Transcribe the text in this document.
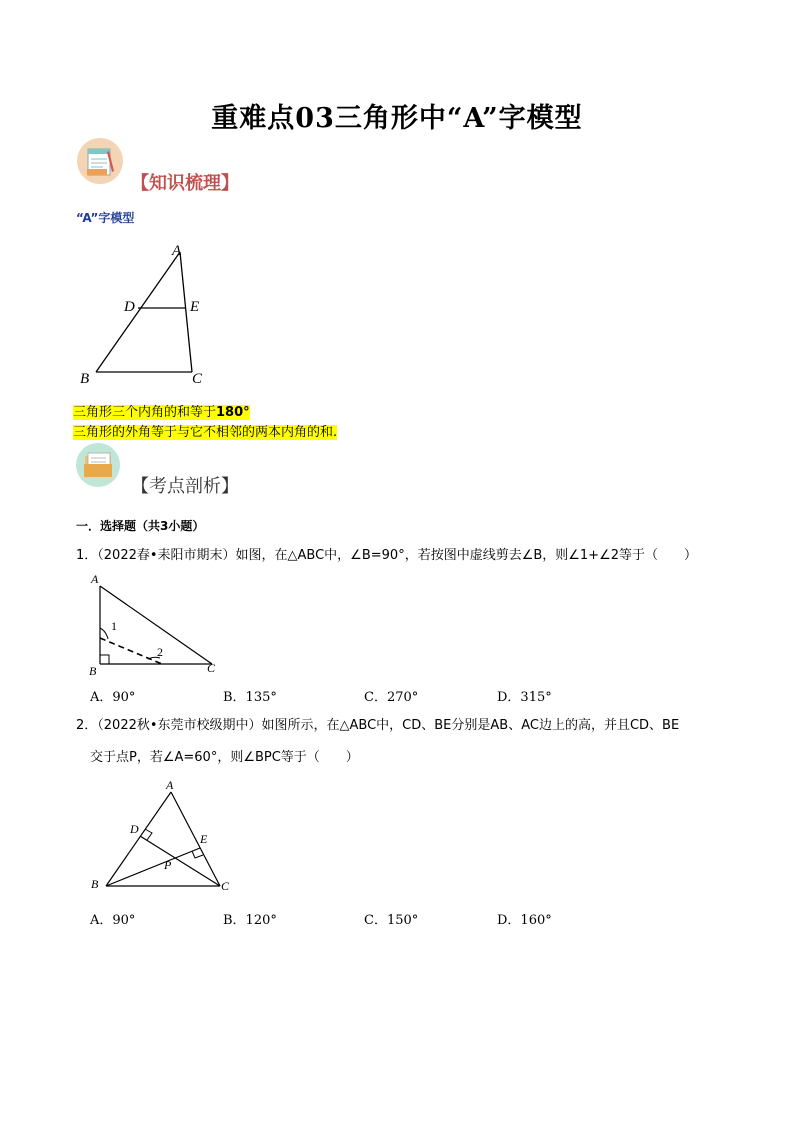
重难点03三角形中“A”字模型
【知识梳理】
“A”字模型
A
D	E
B	C
三角形三个内角的和等于180°
三角形的外角等于与它不相邻的两本内角的和.
【考点剖析】
一．选择题（共3小题）
1．（2022春•耒阳市期末）如图，在△ABC中，∠B=90°，若按图中虚线剪去∠B，则∠1+∠2等于（　　）
A
B	C
1
2
A．90°	B．135°	C．270°	D．315°
2．（2022秋•东莞市校级期中）如图所示，在△ABC中，CD、BE分别是AB、AC边上的高，并且CD、BE
交于点P，若∠A=60°，则∠BPC等于（　　）
A
D
E
P
B	C
A．90°	B．120°	C．150°	D．160°
